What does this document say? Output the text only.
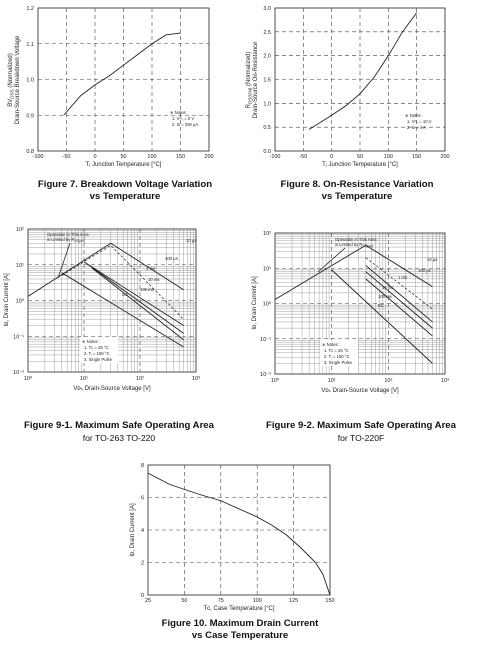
-100	-50	0	50	100	150	200
0.8
0.9
1.0
1.1
1.2
Tⱼ Junction Temperature [°C]
$BV_{DSS}$ (Normalized) Drain-Source Breakdown Voltage	※ Notes :
1. Vᴳₛ = 0 V
2. Iᴅ = 250 μA
-100	-50	0	50	100	150	200
0.0
0.5
1.0
1.5
2.0
2.5
3.0
Tⱼ Junction Temperature [°C]
$R_{DS(ON)}$ (Normalized) Drain-Source On-Resistance	※ Notes :
1. Vᴳₛ = 10 V
2. Iᴅ = 4 A
10⁰	10¹	10²	10³
10⁻²
10⁻¹
10⁰
10¹
10²
Vᴅₛ Drain-Source Voltage [V]
Iᴅ, Drain Current [A]
Operation in This Area
is Limited by $R_{DS(on)}$	10 μs
100 μs
1 ms
10 ms
100 ms
DC
※ Notes :
1. Tᴄ = 25 °C
2. Tⱼ = 150 °C
3. Single Pulse
10⁰	10¹	10²	10³
10⁻²
10⁻¹
10⁰
10¹
10²
Vᴅₛ Drain-Source Voltage [V]
Iᴅ, Drain Current [A]
Operation in This Area
is Limited by $R_{DS(on)}$
10 μs
100 μs
1 ms
10 ms
100 ms
DC
※ Notes :
1. Tᴄ = 25 °C
2. Tⱼ = 150 °C
3. Single Pulse
25	50	75	100	125	150
0
2
4
6
8
Tᴄ, Case Temperature [°C]
Iᴅ, Drain Current [A]
Figure 7. Breakdown Voltage Variation
vs Temperature
Figure 8. On-Resistance Variation
vs Temperature
Figure 9-1. Maximum Safe Operating Area
for TO-263 TO-220
Figure 9-2. Maximum Safe Operating Area
for TO-220F
Figure 10. Maximum Drain Current
vs Case Temperature
